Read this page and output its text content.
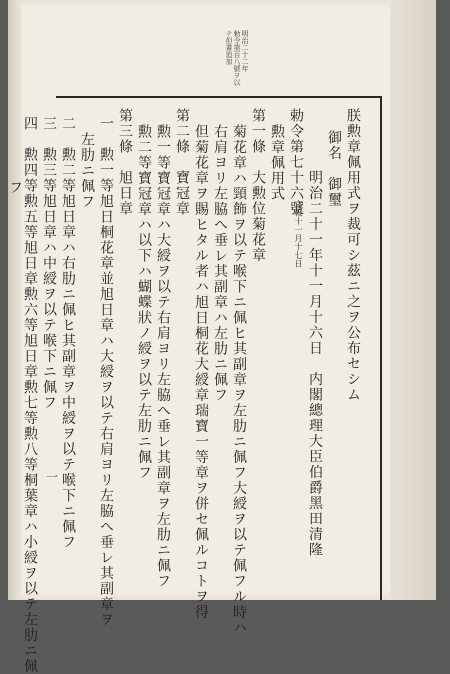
明治二十二年
勅令第百八號ヲ以
テ但書追加
朕勲章佩用式ヲ裁可シ茲ニ之ヲ公布セシム
御名　御璽
明治二十一年十一月十六日　内閣總理大臣伯爵黑田清隆
勅令第七十六號
官報十一月十七日
勲章佩用式
第一條　大勲位菊花章
菊花章ハ頸飾ヲ以テ喉下ニ佩ヒ其副章ヲ左肋ニ佩フ大綬ヲ以テ佩フル時ハ
右肩ヨリ左脇へ垂レ其副章ハ左肋ニ佩フ
但菊花章ヲ賜ヒタル者ハ旭日桐花大綬章瑞寶一等章ヲ併セ佩ルコトヲ得
第二條　寶冠章
勲一等寶冠章ハ大綬ヲ以テ右肩ヨリ左脇へ垂レ其副章ヲ左肋ニ佩フ
勲二等寶冠章ハ以下ハ蝴蝶狀ノ綬ヲ以テ左肋ニ佩フ
第三條　旭日章
一　勲一等旭日桐花章並旭日章ハ大綬ヲ以テ右肩ヨリ左脇へ垂レ其副章ヲ
左肋ニ佩フ
二　勲二等旭日章ハ右肋ニ佩ヒ其副章ヲ中綬ヲ以テ喉下ニ佩フ
三　勲三等旭日章ハ中綬ヲ以テ喉下ニ佩フ
四　勲四等勲五等旭日章勲六等旭日章勲七等勲八等桐葉章ハ小綬ヲ以テ左肋ニ佩
フ
一
